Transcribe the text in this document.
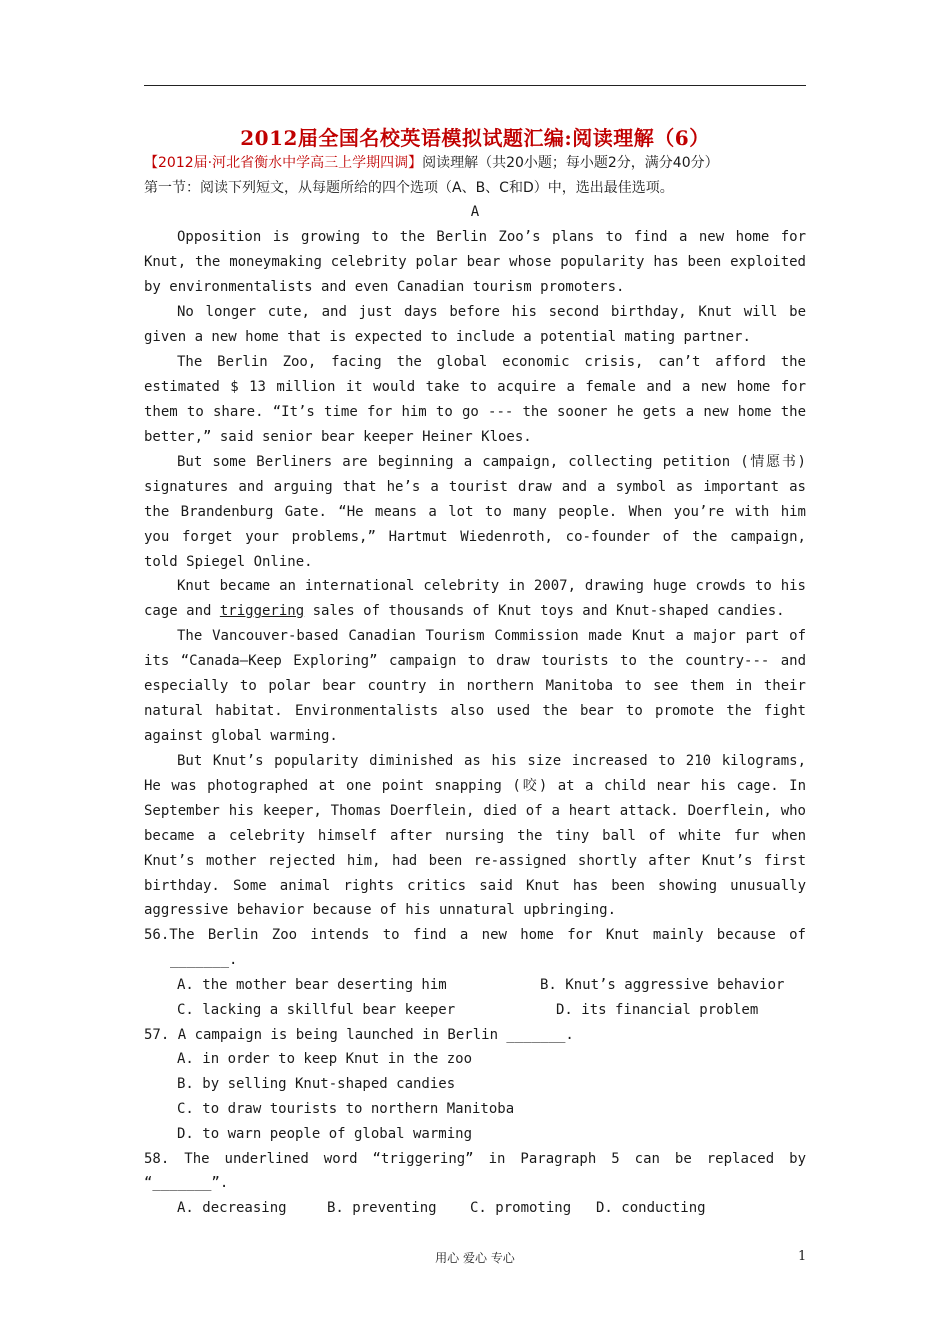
2012届全国名校英语模拟试题汇编:阅读理解（6）
【2012届·河北省衡水中学高三上学期四调】阅读理解（共20小题；每小题2分，满分40分）
第一节：阅读下列短文，从每题所给的四个选项（A、B、C和D）中，选出最佳选项。
A
Opposition is growing to the Berlin Zoo’s plans to find a new home for
Knut, the moneymaking celebrity polar bear whose popularity has been exploited
by environmentalists and even Canadian tourism promoters.
No longer cute, and just days before his second birthday, Knut will be
given a new home that is expected to include a potential mating partner.
The Berlin Zoo, facing the global economic crisis, can’t afford the
estimated $ 13 million it would take to acquire a female and a new home for
them to share. “It’s time for him to go --- the sooner he gets a new home the
better,” said senior bear keeper Heiner Kloes.
But some Berliners are beginning a campaign, collecting petition (情愿书)
signatures and arguing that he’s a tourist draw and a symbol as important as
the Brandenburg Gate. “He means a lot to many people. When you’re with him
you forget your problems,” Hartmut Wiedenroth, co-founder of the campaign,
told Spiegel Online.
Knut became an international celebrity in 2007, drawing huge crowds to his
cage and triggering sales of thousands of Knut toys and Knut-shaped candies.
The Vancouver-based Canadian Tourism Commission made Knut a major part of
its “Canada—Keep Exploring” campaign to draw tourists to the country--- and
especially to polar bear country in northern Manitoba to see them in their
natural habitat. Environmentalists also used the bear to promote the fight
against global warming.
But Knut’s popularity diminished as his size increased to 210 kilograms,
He was photographed at one point snapping (咬) at a child near his cage. In
September his keeper, Thomas Doerflein, died of a heart attack. Doerflein, who
became a celebrity himself after nursing the tiny ball of white fur when
Knut’s mother rejected him, had been re-assigned shortly after Knut’s first
birthday. Some animal rights critics said Knut has been showing unusually
aggressive behavior because of his unnatural upbringing.
56.The Berlin Zoo intends to find a new home for Knut mainly because of
_______.
A. the mother bear deserting him	B. Knut’s aggressive behavior
C. lacking a skillful bear keeper	D. its financial problem
57. A campaign is being launched in Berlin _______.
A. in order to keep Knut in the zoo
B. by selling Knut-shaped candies
C. to draw tourists to northern Manitoba
D. to warn people of global warming
58. The underlined word “triggering” in Paragraph 5 can be replaced by
“_______”.
A. decreasing	B. preventing C. promoting D. conducting
用心 爱心 专心	1
